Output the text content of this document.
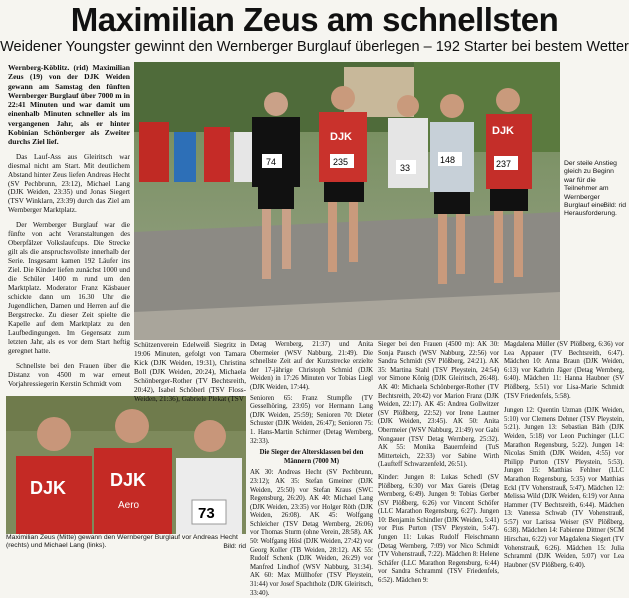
Maximilian Zeus am schnellsten
Weidener Youngster gewinnt den Wernberger Burglauf überlegen – 192 Starter bei bestem Wetter

Wernberg-Köblitz. (rid) Maximilian Zeus (19) von der DJK Weiden gewann am Samstag den fünften Wernberger Burglauf über 7000 m in 22:41 Minuten und war damit um einenhalb Minuten schneller als im vergangenen Jahr, als er hinter Kobinian Schönberger als Zweiter durchs Ziel lief.

Das Lauf-Ass aus Gleiritsch war diesmal nicht am Start. Mit deutlichem Abstand hinter Zeus liefen Andreas Hecht (SV Pechbrunn, 23:12), Michael Lang (DJK Weiden, 23:35) und Jonas Siegert (TSV Winklarn, 23:39) durch das Ziel am Wernberger Marktplatz.

Der Wernberger Burglauf war die fünfte von acht Veranstaltungen des Oberpfälzer Volkslaufcups. Die Strecke gilt als die anspruchsvollste innerhalb der Serie. Insgesamt kamen 192 Läufer ins Ziel. Die Kinder liefen zunächst 1000 und die Schüler 1400 m rund um den Marktplatz. Moderator Franz Käsbauer schickte dann um 16.30 Uhr die Jugendlichen, Damen und Herren auf die Bergstrecke. Zu dieser Zeit spielte die Kapelle auf dem Marktplatz zu den Laufbedingungen. Im Gegensatz zum letzten Jahr, als es vor dem Start heftig geregnet hatte.

Schnellste bei den Frauen über die Distanz von 4500 m war erneut Vorjahressiegerin Kerstin Schmidt vom

DJK	DJK
235
74
33
148	237	Der steile Anstieg gleich zu Beginn war für die Teilnehmer am Wernberger Burglauf eine Herausforderung.
Bild: rid
DJK DJK
Aero	73
Maximilian Zeus (Mitte) gewann den Wernberger Burglauf vor Andreas Hecht (rechts) und Michael Lang (links).	Bild: rid

Schützenverein Edelweiß Siegritz in 19:06 Minuten, gefolgt von Tamara Kick (DJK Weiden, 19:31), Christina Boll (DJK Weiden, 20:24), Michaela Schönberger-Rother (TV Bechtsreith, 20:42), Isabel Schöberl (TSV Floss-Weiden, 21:36), Gabriele Plekat (TSV

Detag Wernberg, 21:37) und Anita Obermeier (WSV Nabburg, 21:49). Die schnellste Zeit auf der Kurzstrecke erzielte der 17-jährige Christoph Schmid (DJK Weiden) in 17:26 Minuten vor Tobias Liegl (DJK Weiden, 17:44).
Senioren 65: Franz Stumpfle (TV Gesselhöring, 23:05) vor Hermann Lang (DJK Weiden, 25:59); Senioren 70: Dieter Schuster (DJK Weiden, 26:47); Senioren 75: 1. Hans-Martin Schirmer (Detag Wernberg, 32:33).
Die Sieger der Altersklassen bei den Männern (7000 M)
AK 30: Andreas Hecht (SV Pechbrunn, 23:12); AK 35: Stefan Gmeiner (DJK Weiden, 25:50) vor Stefan Kraus (SWC Regensburg, 26:20). AK 40: Michael Lang (DJK Weiden, 23:35) vor Holger Röth (DJK Weiden, 26:08). AK 45: Wolfgang Schleicher (TSV Detag Wernberg, 26:06) vor Thomas Sturm (ohne Verein, 28:58). AK 50: Wolfgang Hösl (DJK Weiden, 27:42) vor Georg Koller (TB Weiden, 28:12). AK 55: Rudolf Schenk (DJK Weiden, 26:29) vor Manfred Lindhof (WSV Nabburg, 31:34). AK 60: Max Müllhofer (TSV Pleystein, 31:44) vor Josef Spachtholz (DJK Gleiritsch, 33:40).
Sieger bei den Frauen (4500 m): AK 30: Sonja Pausch (WSV Nabburg, 22:56) vor Sandra Schmidt (SV Plößberg, 24:21). AK 35: Martina Stahl (TSV Pleystein, 24:54) vor Simone König (DJK Gleiritsch, 26:48). AK 40: Michaela Schönberger-Rother (TV Bechtsreith, 20:42) vor Marion Franz (DJK Weiden, 22:17). AK 45: Andrea Gollwitzer (SV Plößberg, 22:52) vor Irene Lautner (DJK Weiden, 23:45). AK 50: Anita Obermeier (WSV Nabburg, 21:49) vor Gabi Nongauer (TSV Detag Wernberg, 25:32). AK 55: Monika Bauernfeind (TuS Mitterteich, 22:33) vor Sabine Wirth (Laufteff Schwarzenfeld, 26:51).
Kinder: Jungen 8: Lukas Schedl (SV Plößberg, 6:30) vor Max Gareis (Detag Wernberg, 6:49). Jungen 9: Tobias Gerber (SV Plößberg, 6:26) vor Vincent Schöfer (LLC Marathon Regensburg, 6:27). Jungen 10: Benjamin Schindler (DJK Weiden, 5:41) vor Pius Purton (TSV Pleystein, 5:47). Jungen 11: Lukas Rudolf Fleischmann (Detag Wernberg, 7:09) vor Nico Schmidt (TV Vohenstrauß, 7:22). Mädchen 8: Helene Schäfer (LLC Marathon Regensburg, 6:44) vor Sandra Schramml (TSV Friedenfels, 6:52). Mädchen 9:
Magdalena Müller (SV Plößberg, 6:36) vor Lea Appauer (TV Bechtsreith, 6:47). Mädchen 10: Anna Braun (DJK Weiden, 6:13) vor Kathrin Jäger (Detag Wernberg, 6:40). Mädchen 11: Hanna Haubner (SV Plößberg, 5:51) vor Lisa-Marie Schmidt (TSV Friedenfels, 5:58).
Jungen 12: Quentin Uzman (DJK Weiden, 5:10) vor Clemens Dehner (TSV Pleystein, 5:21). Jungen 13: Sebastian Bäth (DJK Weiden, 5:18) vor Leon Puchinger (LLC Marathon Regensburg, 5:22). Jungen 14: Nicolas Smith (DJK Weiden, 4:55) vor Philipp Purton (TSV Pleystein, 5:53). Jungen 15: Matthias Fehlner (LLC Marathon Regensburg, 5:35) vor Matthias Eckl (TV Vohenstrauß, 5:47). Mädchen 12: Melissa Wild (DJK Weiden, 6:19) vor Anna Hammer (TV Bechtsreith, 6:44). Mädchen 13: Vanessa Schwab (TV Vohenstrauß, 5:57) vor Larissa Weiser (SV Plößberg, 6:38). Mädchen 14: Fabienne Dittner (SCM Hirschau, 6:22) vor Magdalena Siegert (TV Vohenstrauß, 6:26). Mädchen 15: Julia Schramml (DJK Weiden, 5:07) vor Lea Haubner (SV Plößberg, 6:40).
